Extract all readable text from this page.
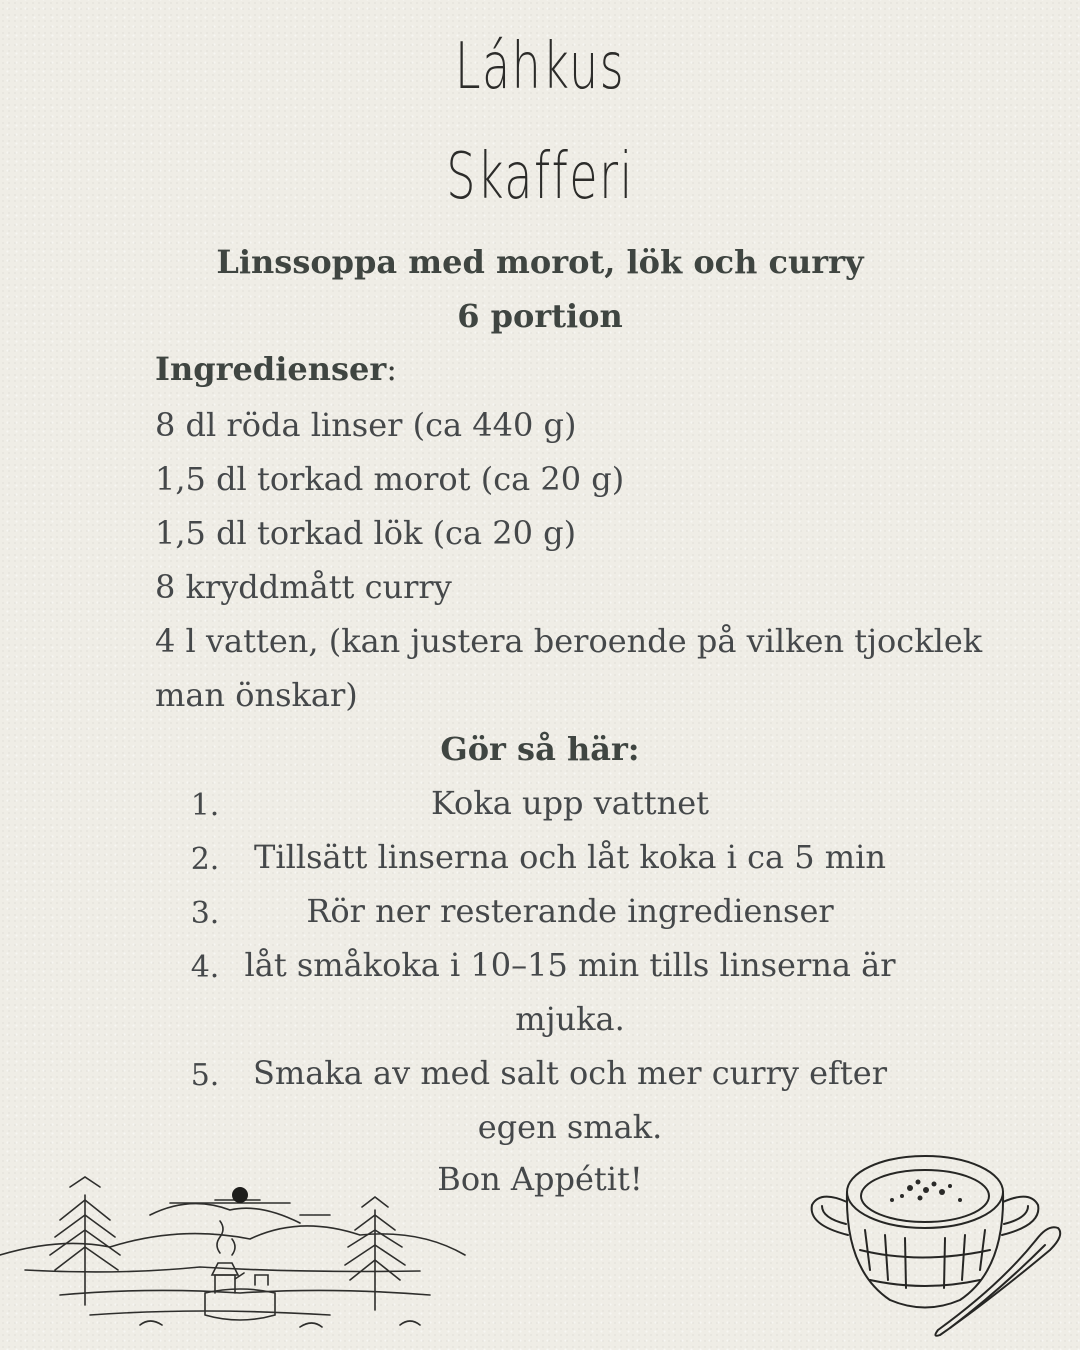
Láhkus
Skafferi
Linssoppa med morot, lök och curry
6 portion
Ingredienser:
8 dl röda linser (ca 440 g)
1,5 dl torkad morot (ca 20 g)
1,5 dl torkad lök (ca 20 g)
8 kryddmått curry
4 l vatten, (kan justera beroende på vilken tjocklek
man önskar)
Gör så här:
1.	Koka upp vattnet
2.	Tillsätt linserna och låt koka i ca 5 min
3.	Rör ner resterande ingredienser
4. låt småkoka i 10–15 min tills linserna är mjuka.
5.	Smaka av med salt och mer curry efter egen smak.
Bon Appétit!
